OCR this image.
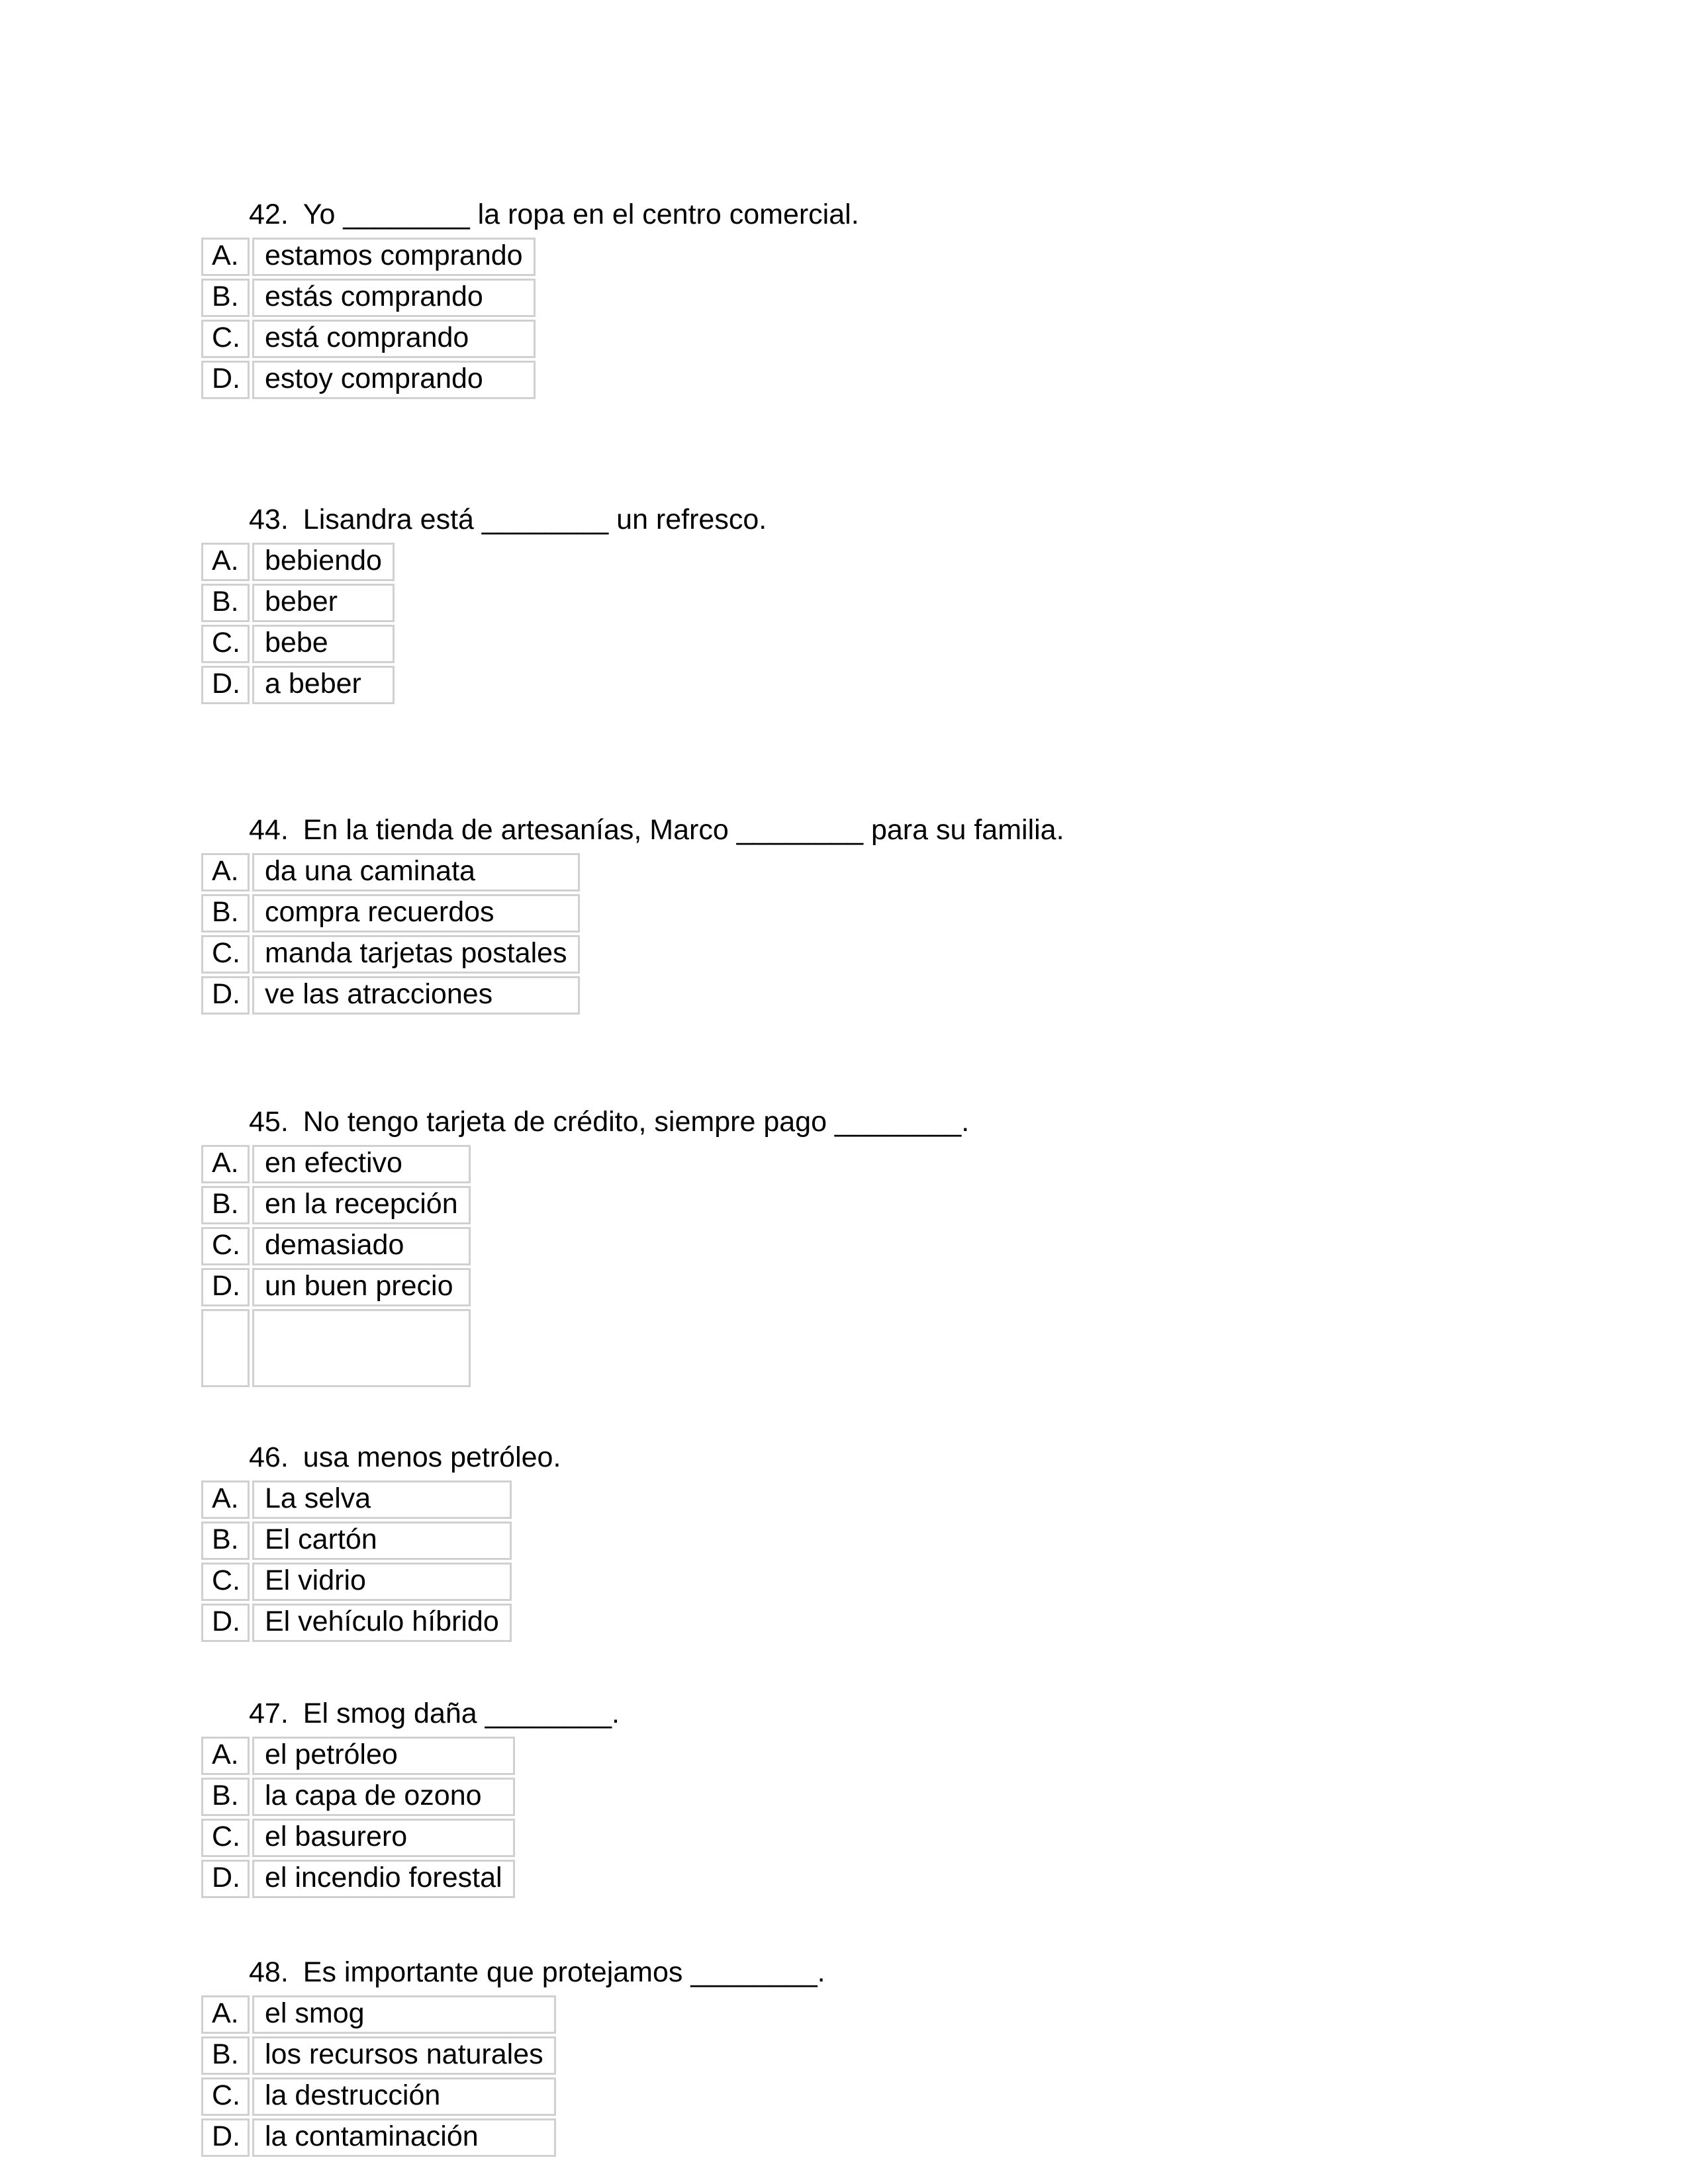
42. Yo ________ la ropa en el centro comercial.

A.	estamos comprando
B.	estás comprando
C.	está comprando
D.	estoy comprando

43. Lisandra está ________ un refresco.

A.	bebiendo
B.	beber
C.	bebe
D.	a beber

44. En la tienda de artesanías, Marco ________ para su familia.

A.	da una caminata
B.	compra recuerdos
C.	manda tarjetas postales
D.	ve las atracciones

45. No tengo tarjeta de crédito, siempre pago ________.

A.	en efectivo
B.	en la recepción
C.	demasiado
D.	un buen precio

46. usa menos petróleo.

A.	La selva
B.	El cartón
C.	El vidrio
D.	El vehículo híbrido

47. El smog daña ________.

A.	el petróleo
B.	la capa de ozono
C.	el basurero
D.	el incendio forestal

48. Es importante que protejamos ________.

A.	el smog
B.	los recursos naturales
C.	la destrucción
D.	la contaminación
